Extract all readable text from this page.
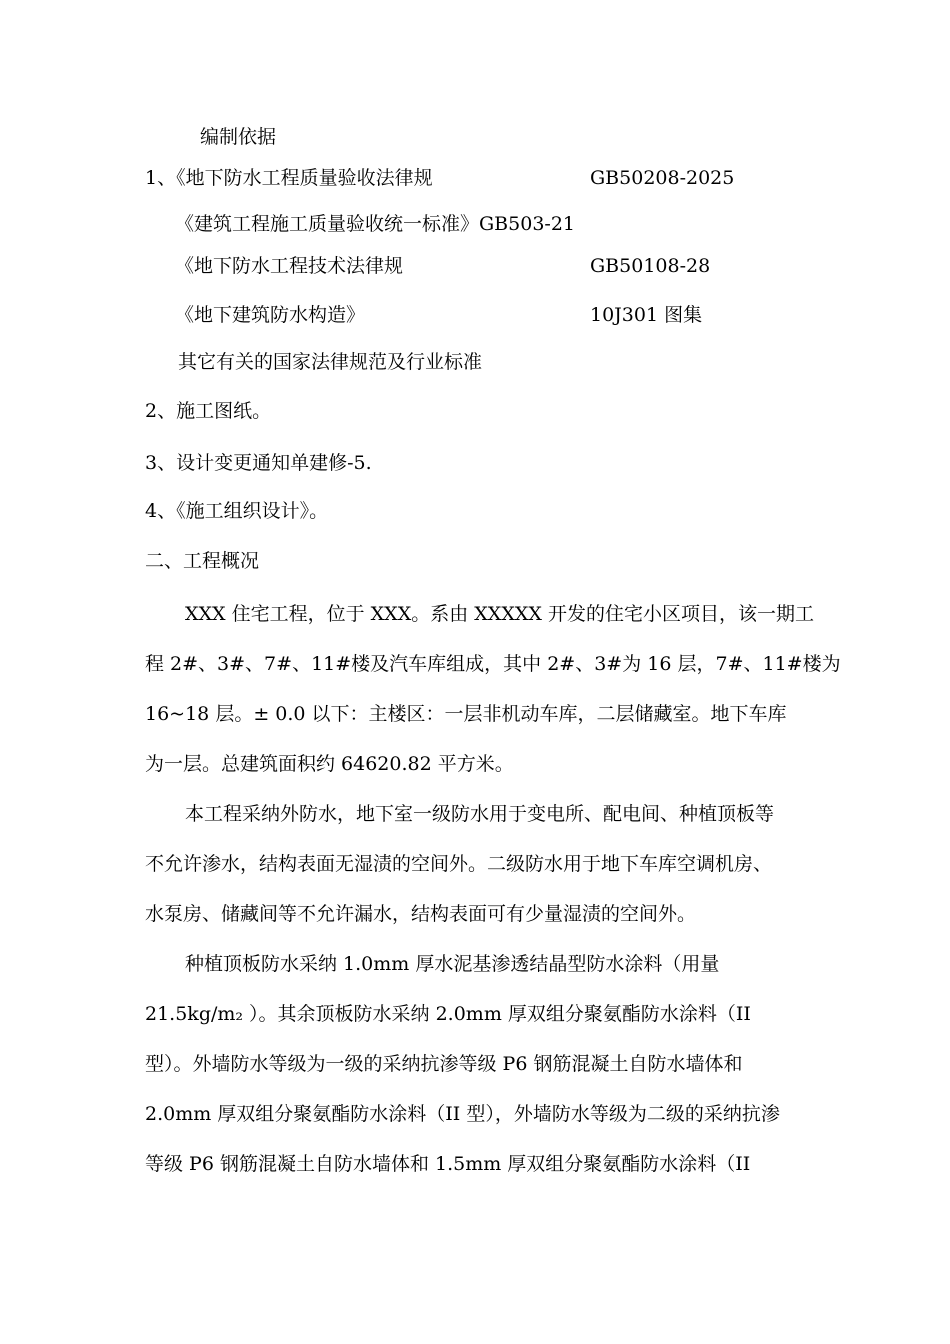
编制依据
1、《地下防水工程质量验收法律规	GB50208-2025
《建筑工程施工质量验收统一标准》GB503-21
《地下防水工程技术法律规	GB50108-28
《地下建筑防水构造》	10J301 图集
其它有关的国家法律规范及行业标准
2、施工图纸。
3、设计变更通知单建修-5.
4、《施工组织设计》。
二、工程概况
XXX 住宅工程，位于 XXX。系由 XXXXX 开发的住宅小区项目，该一期工
程 2#、3#、7#、11#楼及汽车库组成，其中 2#、3#为 16 层，7#、11#楼为
16~18 层。± 0.0 以下：主楼区：一层非机动车库，二层储藏室。地下车库
为一层。总建筑面积约 64620.82 平方米。
本工程采纳外防水，地下室一级防水用于变电所、配电间、种植顶板等
不允许渗水，结构表面无湿渍的空间外。二级防水用于地下车库空调机房、
水泵房、储藏间等不允许漏水，结构表面可有少量湿渍的空间外。
种植顶板防水采纳 1.0mm 厚水泥基渗透结晶型防水涂料（用量
21.5kg/m₂ ）。其余顶板防水采纳 2.0mm 厚双组分聚氨酯防水涂料（II
型）。外墙防水等级为一级的采纳抗渗等级 P6 钢筋混凝土自防水墙体和
2.0mm 厚双组分聚氨酯防水涂料（II 型），外墙防水等级为二级的采纳抗渗
等级 P6 钢筋混凝土自防水墙体和 1.5mm 厚双组分聚氨酯防水涂料（II
